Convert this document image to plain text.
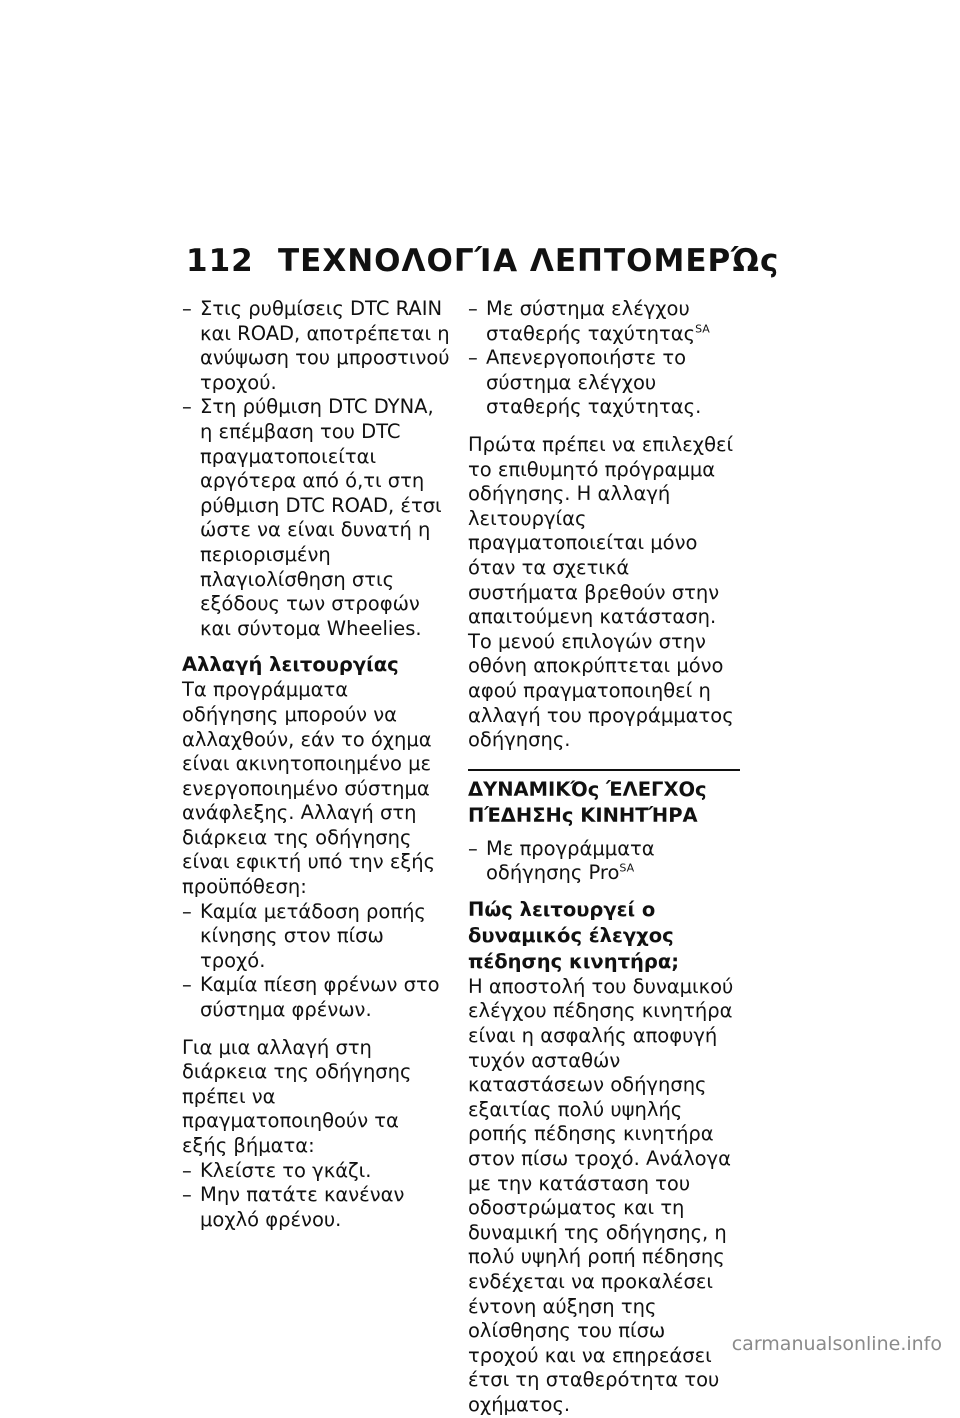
112 ΤΕΧΝΟΛΟΓΊΑ ΛΕΠΤΟΜΕΡΏς

– Στις ρυθμίσεις DTC RAIN και ROAD, αποτρέπεται η ανύψωση του μπροστινού τροχού.

– Στη ρύθμιση DTC DYNA, η επέμβαση του DTC πραγματοποιείται αργότερα από ό,τι στη ρύθμιση DTC ROAD, έτσι ώστε να είναι δυνατή η περιορισμένη πλαγιολίσθηση στις εξόδους των στροφών και σύντομα Wheelies.

Αλλαγή λειτουργίας

Τα προγράμματα οδήγησης μπορούν να αλλαχθούν, εάν το όχημα είναι ακινητοποιημένο με ενεργοποιημένο σύστημα ανάφλεξης. Αλλαγή στη διάρκεια της οδήγησης είναι εφικτή υπό την εξής προϋπόθεση:

– Καμία μετάδοση ροπής κίνησης στον πίσω τροχό.

– Καμία πίεση φρένων στο σύστημα φρένων.

Για μια αλλαγή στη διάρκεια της οδήγησης πρέπει να πραγματοποιηθούν τα εξής βήματα:

– Κλείστε το γκάζι.

– Μην πατάτε κανέναν μοχλό φρένου.

– Με σύστημα ελέγχου σταθερής ταχύτητας$^{SA}$

– Απενεργοποιήστε το σύστημα ελέγχου σταθερής ταχύτητας.

Πρώτα πρέπει να επιλεχθεί το επιθυμητό πρόγραμμα οδήγησης. Η αλλαγή λειτουργίας πραγματοποιείται μόνο όταν τα σχετικά συστήματα βρεθούν στην απαιτούμενη κατάσταση.

Το μενού επιλογών στην οθόνη αποκρύπτεται μόνο αφού πραγματοποιηθεί η αλλαγή του προγράμματος οδήγησης.

ΔΥΝΑΜΙΚΌς ΈΛΕΓΧΟς ΠΈΔΗΣΗς ΚΙΝΗΤΉΡΑ

– Με προγράμματα οδήγησης Pro$^{SA}$

Πώς λειτουργεί ο δυναμικός έλεγχος πέδησης κινητήρα;

Η αποστολή του δυναμικού ελέγχου πέδησης κινητήρα είναι η ασφαλής αποφυγή τυχόν ασταθών καταστάσεων οδήγησης εξαιτίας πολύ υψηλής ροπής πέδησης κινητήρα στον πίσω τροχό. Ανάλογα με την κατάσταση του οδοστρώματος και τη δυναμική της οδήγησης, η πολύ υψηλή ροπή πέδησης ενδέχεται να προκαλέσει έντονη αύξηση της ολίσθησης του πίσω τροχού και να επηρεάσει έτσι τη σταθερότητα του οχήματος.

carmanualsonline.info
